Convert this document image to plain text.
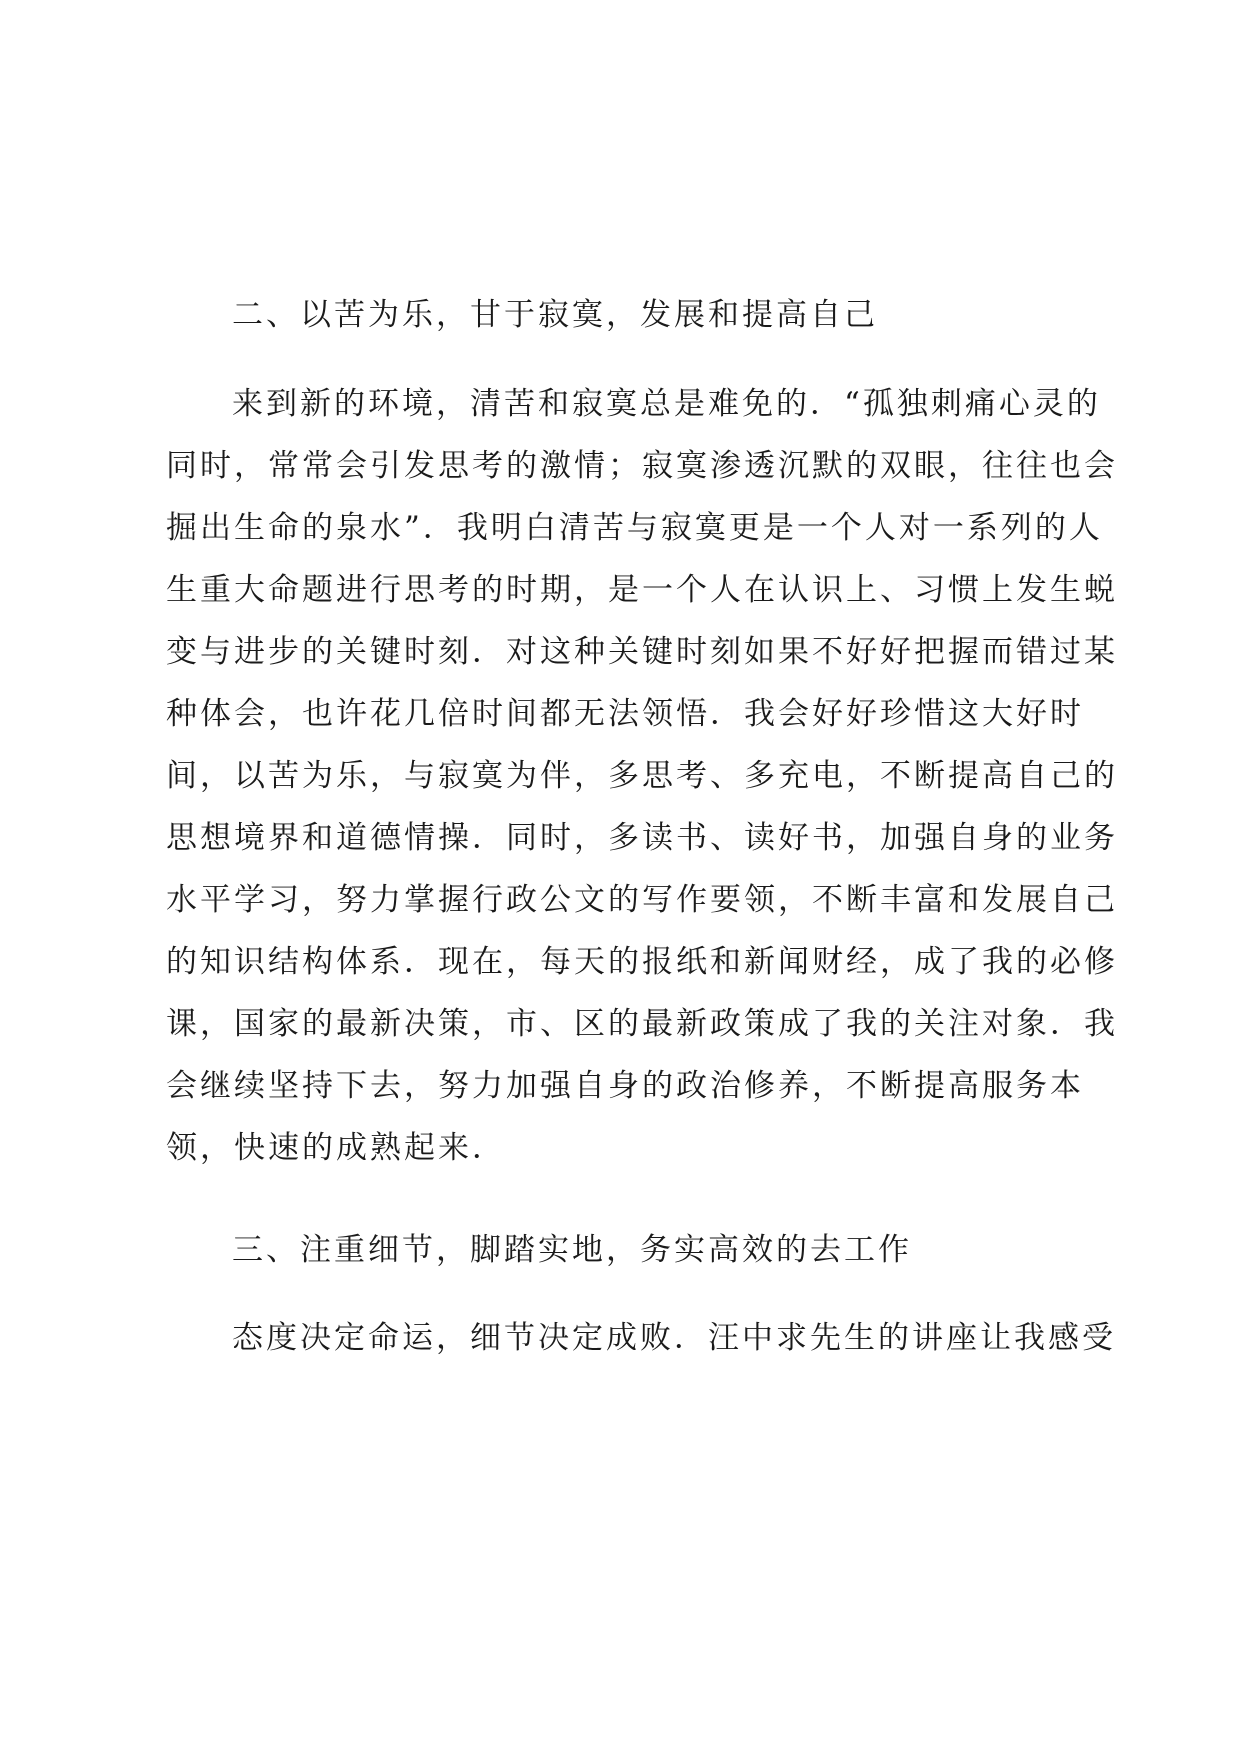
二、以苦为乐，甘于寂寞，发展和提高自己
来到新的环境，清苦和寂寞总是难免的．“孤独刺痛心灵的
同时，常常会引发思考的激情；寂寞渗透沉默的双眼，往往也会
掘出生命的泉水”．我明白清苦与寂寞更是一个人对一系列的人
生重大命题进行思考的时期，是一个人在认识上、习惯上发生蜕
变与进步的关键时刻．对这种关键时刻如果不好好把握而错过某
种体会，也许花几倍时间都无法领悟．我会好好珍惜这大好时
间，以苦为乐，与寂寞为伴，多思考、多充电，不断提高自己的
思想境界和道德情操．同时，多读书、读好书，加强自身的业务
水平学习，努力掌握行政公文的写作要领，不断丰富和发展自己
的知识结构体系．现在，每天的报纸和新闻财经，成了我的必修
课，国家的最新决策，市、区的最新政策成了我的关注对象．我
会继续坚持下去，努力加强自身的政治修养，不断提高服务本
领，快速的成熟起来．
三、注重细节，脚踏实地，务实高效的去工作
态度决定命运，细节决定成败．汪中求先生的讲座让我感受
